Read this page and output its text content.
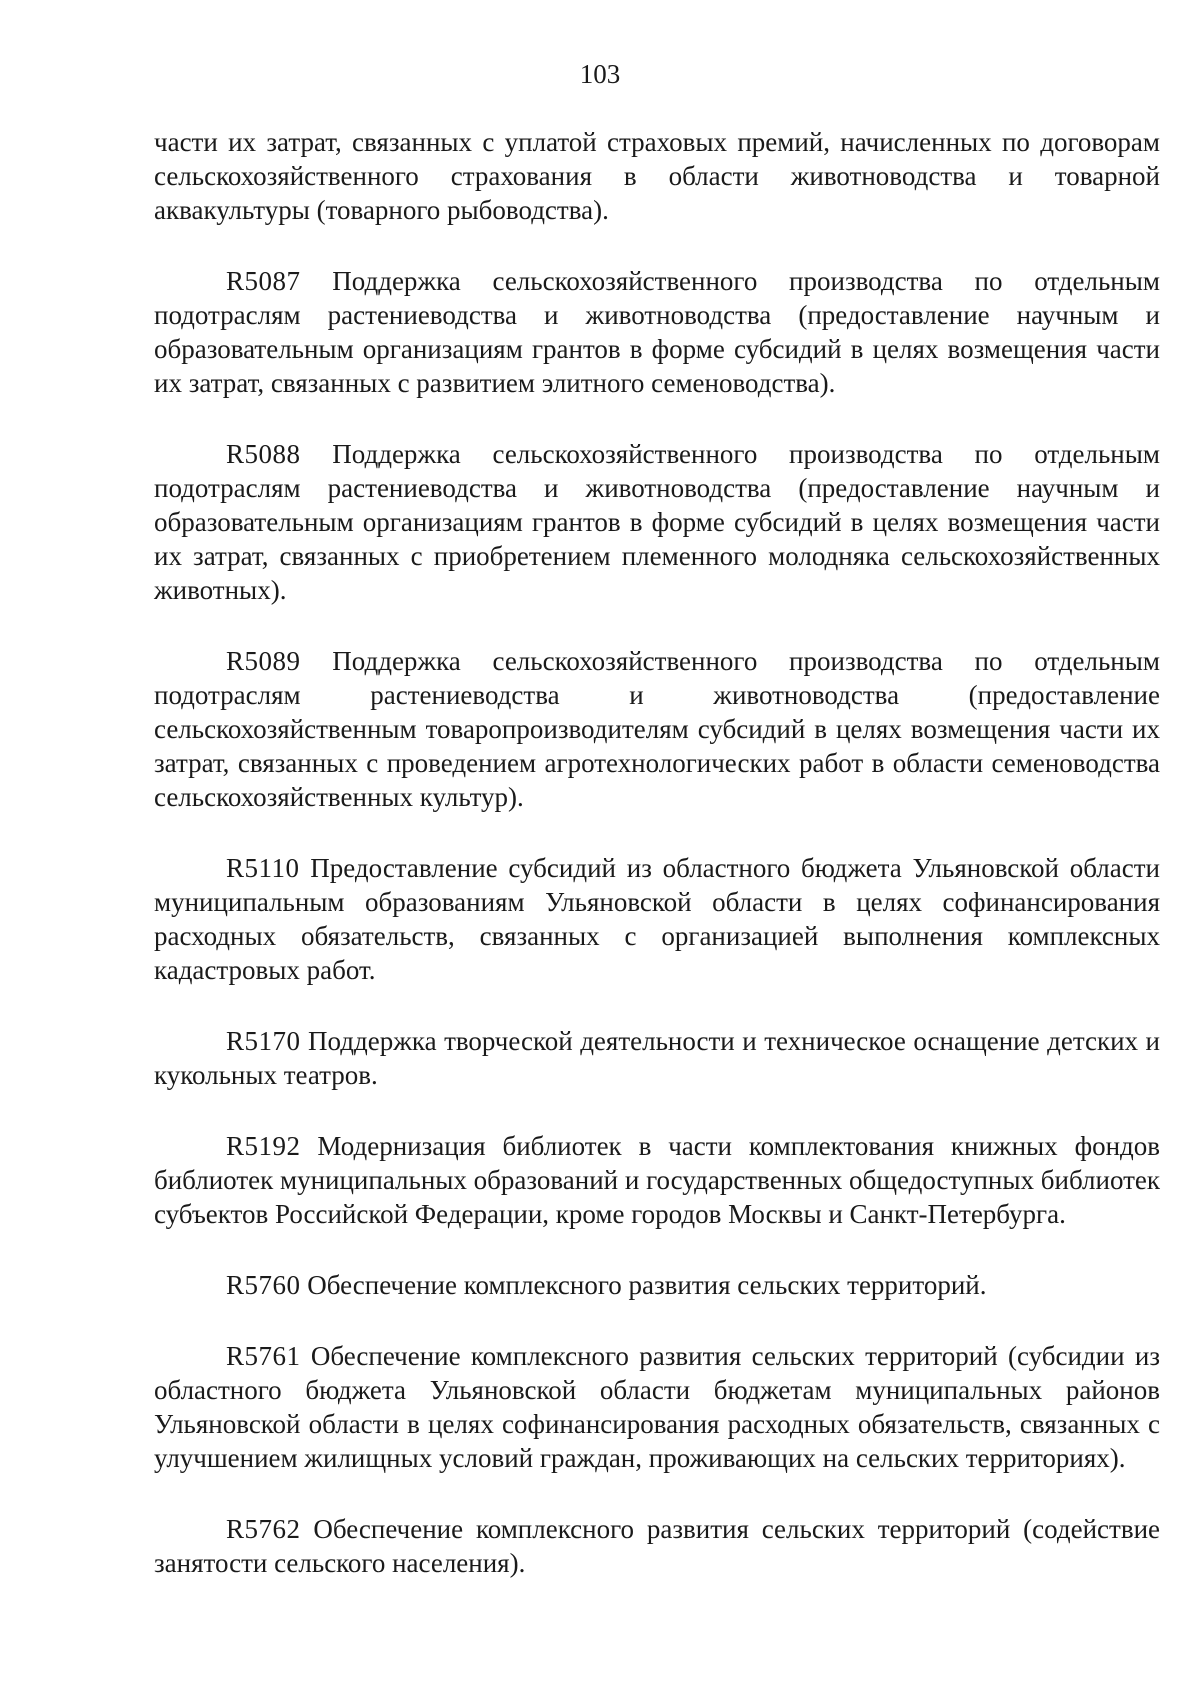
103

части их затрат, связанных с уплатой страховых премий, начисленных по договорам сельскохозяйственного страхования в области животноводства и товарной аквакультуры (товарного рыбоводства).

R5087 Поддержка сельскохозяйственного производства по отдельным подотраслям растениеводства и животноводства (предоставление научным и образовательным организациям грантов в форме субсидий в целях возмещения части их затрат, связанных с развитием элитного семеноводства).

R5088 Поддержка сельскохозяйственного производства по отдельным подотраслям растениеводства и животноводства (предоставление научным и образовательным организациям грантов в форме субсидий в целях возмещения части их затрат, связанных с приобретением племенного молодняка сельскохозяйственных животных).

R5089 Поддержка сельскохозяйственного производства по отдельным подотраслям растениеводства и животноводства (предоставление сельскохозяйственным товаропроизводителям субсидий в целях возмещения части их затрат, связанных с проведением агротехнологических работ в области семеноводства сельскохозяйственных культур).

R5110 Предоставление субсидий из областного бюджета Ульяновской области муниципальным образованиям Ульяновской области в целях софинансирования расходных обязательств, связанных с организацией выполнения комплексных кадастровых работ.

R5170 Поддержка творческой деятельности и техническое оснащение детских и кукольных театров.

R5192 Модернизация библиотек в части комплектования книжных фондов библиотек муниципальных образований и государственных общедоступных библиотек субъектов Российской Федерации, кроме городов Москвы и Санкт-Петербурга.

R5760 Обеспечение комплексного развития сельских территорий.

R5761 Обеспечение комплексного развития сельских территорий (субсидии из областного бюджета Ульяновской области бюджетам муниципальных районов Ульяновской области в целях софинансирования расходных обязательств, связанных с улучшением жилищных условий граждан, проживающих на сельских территориях).

R5762 Обеспечение комплексного развития сельских территорий (содействие занятости сельского населения).
